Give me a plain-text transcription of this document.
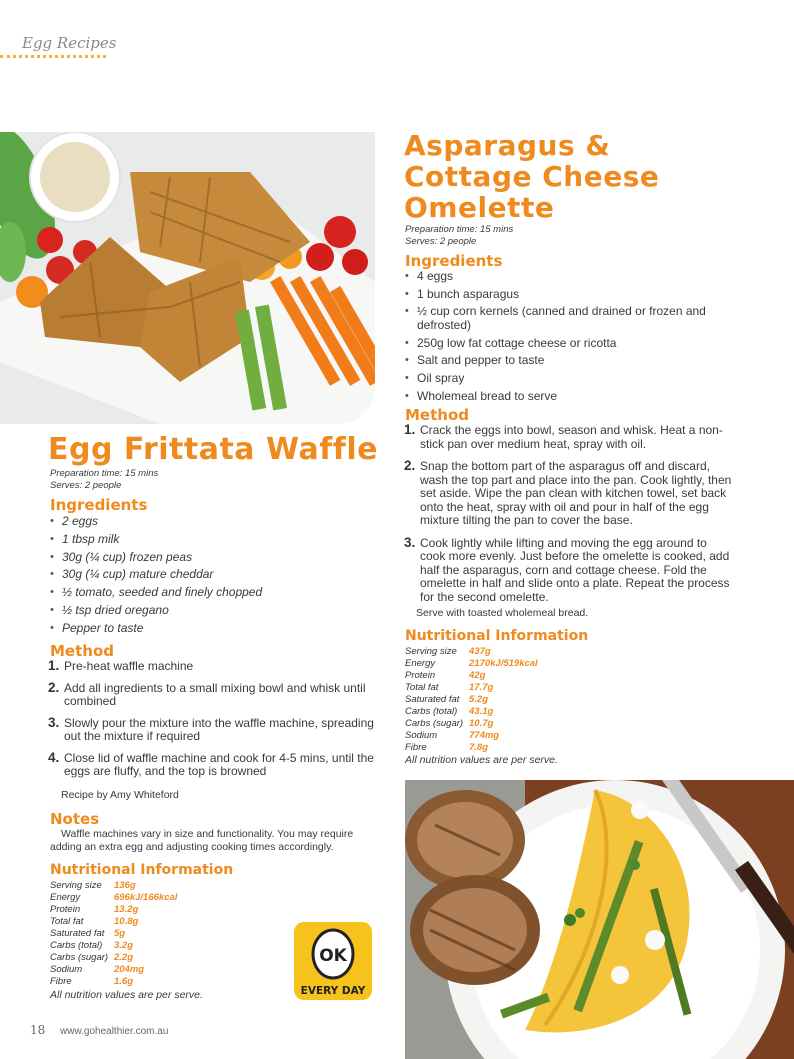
Egg Recipes
Egg Frittata Waffle
Preparation time: 15 mins
Serves: 2 people
Ingredients
• 2 eggs
• 1 tbsp milk
• 30g (¼ cup) frozen peas
• 30g (¼ cup) mature cheddar
• ½ tomato, seeded and finely chopped
• ½ tsp dried oregano
• Pepper to taste
Method
1. Pre-heat waffle machine
2. Add all ingredients to a small mixing bowl and whisk until combined
3. Slowly pour the mixture into the waffle machine, spreading out the mixture if required
4. Close lid of waffle machine and cook for 4-5 mins, until the eggs are fluffy, and the top is browned
Recipe by Amy Whiteford
Notes
Waffle machines vary in size and functionality. You may require adding an extra egg and adjusting cooking times accordingly.
Nutritional Information
Serving size	136g
Energy	696kJ/166kcal
Protein	13.2g
Total fat	10.8g
Saturated fat	5g
Carbs (total)	3.2g
Carbs (sugar)	2.2g
Sodium	204mg
Fibre	1.6g
All nutrition values are per serve.
OK
EVERY DAY
Asparagus &
Cottage Cheese
Omelette
Preparation time: 15 mins
Serves: 2 people
Ingredients
• 4 eggs
• 1 bunch asparagus
• ½ cup corn kernels (canned and drained or frozen and defrosted)
• 250g low fat cottage cheese or ricotta
• Salt and pepper to taste
• Oil spray
• Wholemeal bread to serve
Method
1. Crack the eggs into bowl, season and whisk. Heat a non-stick pan over medium heat, spray with oil.
2. Snap the bottom part of the asparagus off and discard, wash the top part and place into the pan. Cook lightly, then set aside. Wipe the pan clean with kitchen towel, set back onto the heat, spray with oil and pour in half of the egg mixture tilting the pan to cover the base.
3. Cook lightly while lifting and moving the egg around to cook more evenly. Just before the omelette is cooked, add half the asparagus, corn and cottage cheese. Fold the omelette in half and slide onto a plate. Repeat the process for the second omelette.
Serve with toasted wholemeal bread.
Nutritional Information
Serving size	437g
Energy	2170kJ/519kcal
Protein	42g
Total fat	17.7g
Saturated fat	5.2g
Carbs (total)	43.1g
Carbs (sugar)	10.7g
Sodium	774mg
Fibre	7.8g
All nutrition values are per serve.
18 www.gohealthier.com.au
